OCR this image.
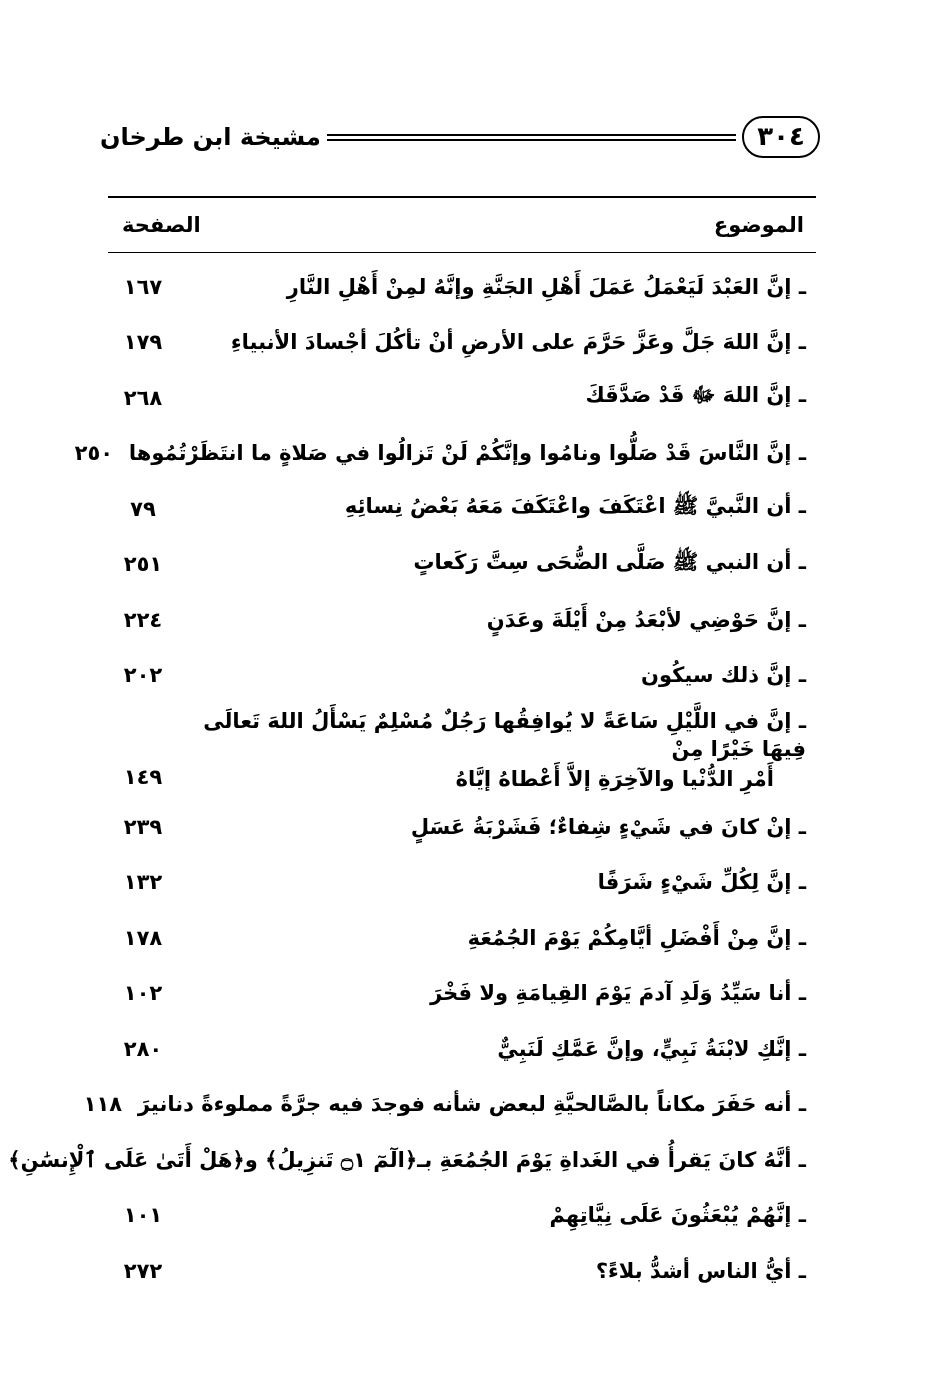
٣٠٤
مشيخة ابن طرخان
الموضوع
الصفحة
ـ إنَّ العَبْدَ لَيَعْمَلُ عَمَلَ أَهْلِ الجَنَّةِ وإنَّهُ لمِنْ أَهْلِ النَّارِ
١٦٧
ـ إنَّ اللهَ جَلَّ وعَزَّ حَرَّمَ على الأرضِ أنْ تأكُلَ أجْسادَ الأنبياءِ
١٧٩
ـ إنَّ اللهَ ﷻ قَدْ صَدَّقَكَ
٢٦٨
ـ إنَّ النَّاسَ قَدْ صَلُّوا ونامُوا وإنَّكُمْ لَنْ تَزالُوا في صَلاةٍ ما انتَظَرْتُمُوها
٢٥٠
ـ أن النَّبيَّ ﷺ اعْتَكَفَ واعْتَكَفَ مَعَهُ بَعْضُ نِسائِهِ
٧٩
ـ أن النبي ﷺ صَلَّى الضُّحَى سِتَّ رَكَعاتٍ
٢٥١
ـ إنَّ حَوْضِي لأبْعَدُ مِنْ أَيْلَةَ وعَدَنٍ
٢٢٤
ـ إنَّ ذلك سيكُون
٢٠٢
ـ إنَّ في اللَّيْلِ سَاعَةً لا يُوافِقُها رَجُلٌ مُسْلِمٌ يَسْأَلُ اللهَ تَعالَى فِيهَا خَيْرًا مِنْ
أَمْرِ الدُّنْيا والآخِرَةِ إلاَّ أَعْطاهُ إيَّاهُ
١٤٩
ـ إنْ كانَ في شَيْءٍ شِفاءٌ؛ فَشَرْبَةُ عَسَلٍ
٢٣٩
ـ إنَّ لِكُلِّ شَيْءٍ شَرَفًا
١٣٢
ـ إنَّ مِنْ أَفْضَلِ أيَّامِكُمْ يَوْمَ الجُمُعَةِ
١٧٨
ـ أنا سَيِّدُ وَلَدِ آدمَ يَوْمَ القِيامَةِ ولا فَخْرَ
١٠٢
ـ إنَّكِ لابْنَةُ نَبِيٍّ، وإنَّ عَمَّكِ لَنَبِيٌّ
٢٨٠
ـ أنه حَفَرَ مكاناً بالصَّالحيَّةِ لبعض شأنه فوجدَ فيه جرَّةً مملوءةً دنانيرَ
١١٨
ـ أنَّهُ كانَ يَقرأُ في الغَداةِ يَوْمَ الجُمُعَةِ بـ﴿الٓمٓ ۝١ تَنزِيلُ﴾ و﴿هَلْ أَتَىٰ عَلَى ٱلْإِنسَٰنِ﴾
ـ إنَّهُمْ يُبْعَثُونَ عَلَى نِيَّاتِهِمْ
١٠١
ـ أيُّ الناس أشدُّ بلاءً؟
٢٧٢
